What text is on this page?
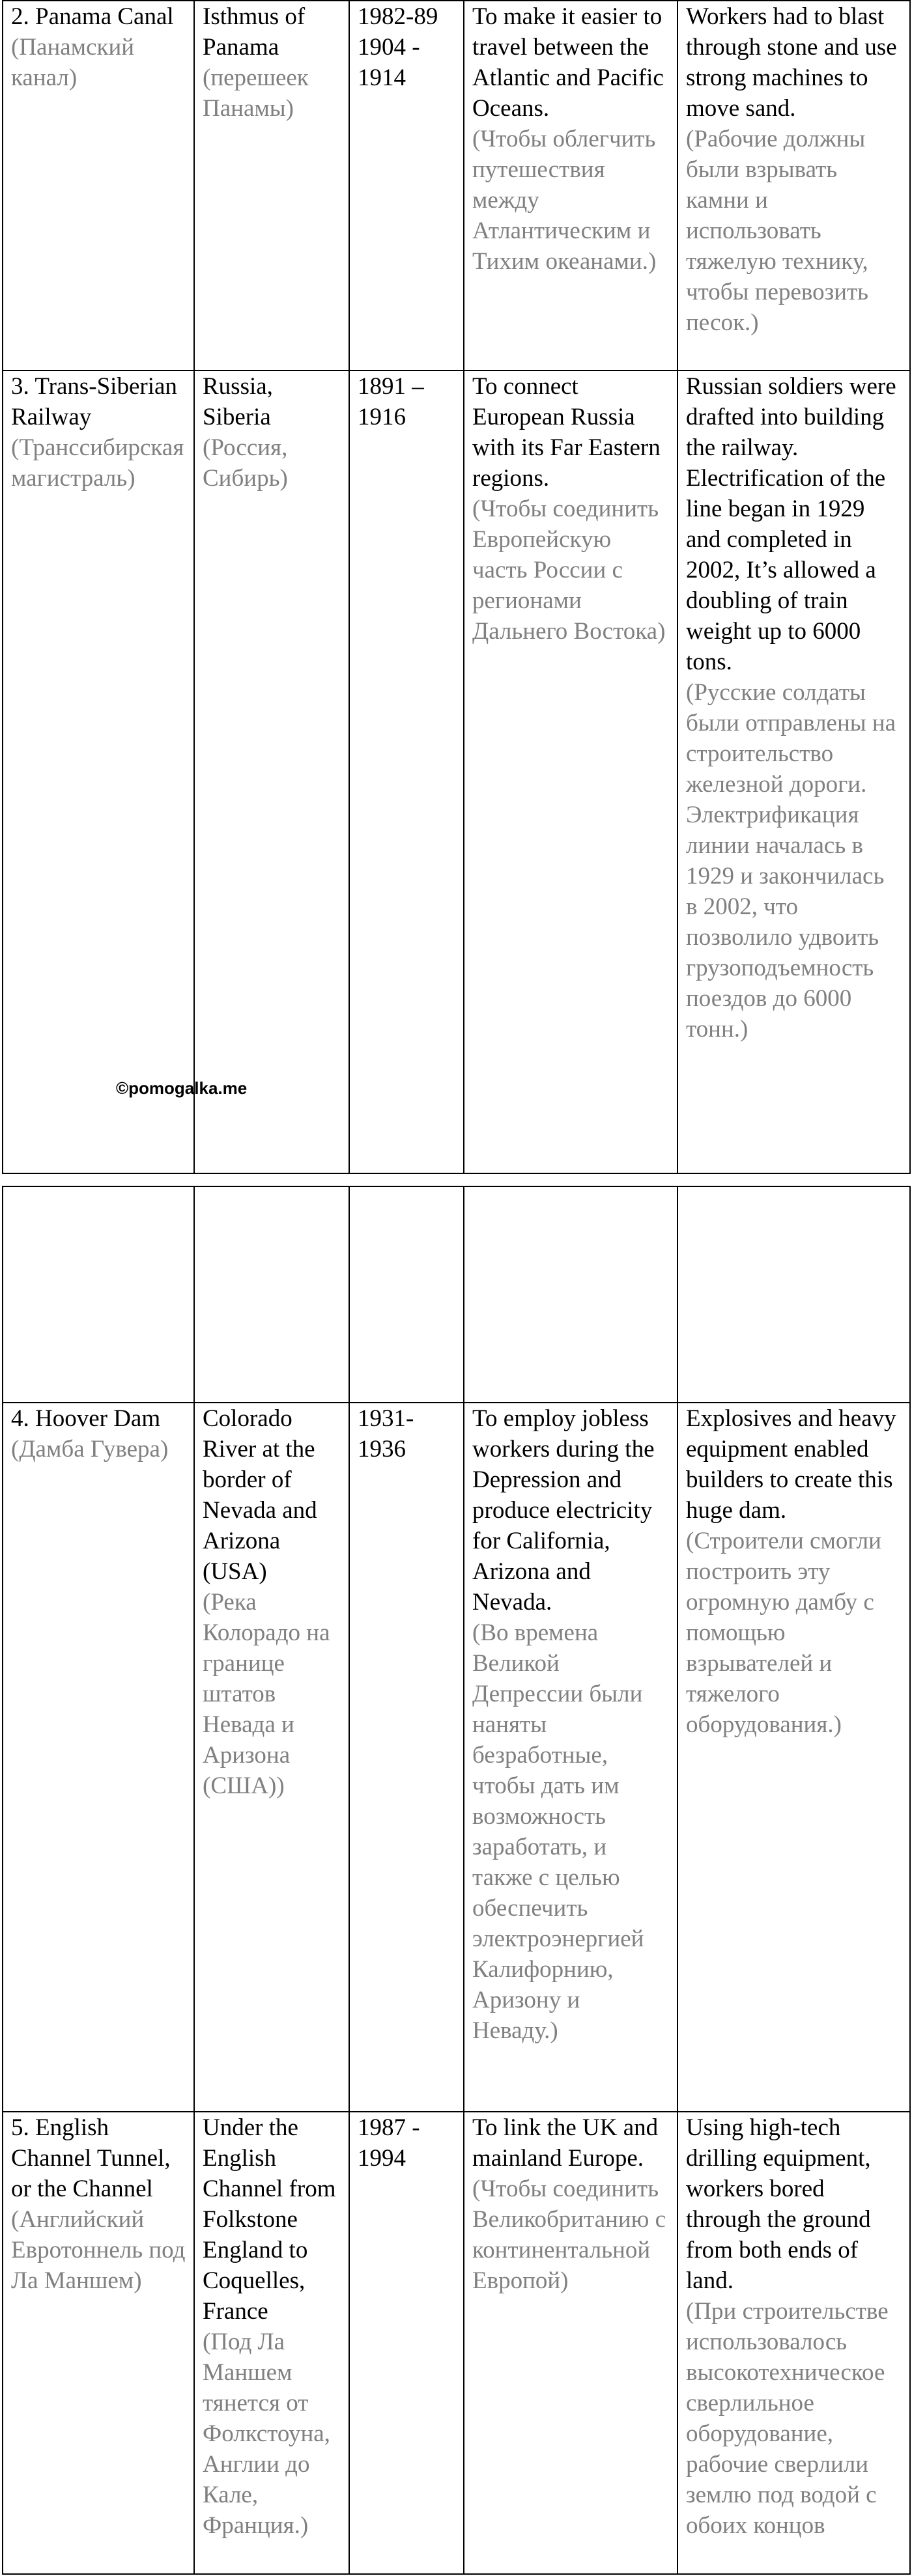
2. Panama Canal
(Панамский канал)	Isthmus of Panama
(перешеек Панамы)	1982-89 1904 - 1914	To make it easier to travel between the Atlantic and Pacific Oceans.
(Чтобы облегчить путешествия между Атлантическим и Тихим океанами.)	Workers had to blast through stone and use strong machines to move sand.
(Рабочие должны были взрывать камни и использовать тяжелую технику, чтобы перевозить песок.)

3. Trans-Siberian Railway
(Транссибирская магистраль)	Russia, Siberia
(Россия, Сибирь)	1891 – 1916	To connect European Russia with its Far Eastern regions.
(Чтобы соединить Европейскую часть России с регионами Дальнего Востока)	Russian soldiers were drafted into building the railway. Electrification of the line began in 1929 and completed in 2002, It’s allowed a doubling of train weight up to 6000 tons.
(Русские солдаты были отправлены на строительство железной дороги. Электрификация линии началась в 1929 и закончилась в 2002, что позволило удвоить грузоподъемность поездов до 6000 тонн.)
©pomogalka.me

4. Hoover Dam
(Дамба Гувера)	Colorado River at the border of Nevada and Arizona (USA)
(Река Колорадо на границе штатов Невада и Аризона (США))	1931-1936	To employ jobless workers during the Depression and produce electricity for California, Arizona and Nevada.
(Во времена Великой Депрессии были наняты безработные, чтобы дать им возможность заработать, и также с целью обеспечить электроэнергией Калифорнию, Аризону и Неваду.)	Explosives and heavy equipment enabled builders to create this huge dam.
(Строители смогли построить эту огромную дамбу с помощью взрывателей и тяжелого оборудования.)

5. English Channel Tunnel, or the Channel
(Английский Евротоннель под Ла Маншем)	Under the English Channel from Folkstone England to Coquelles, France
(Под Ла Маншем тянется от Фолкстоуна, Англии до Кале, Франция.)	1987 - 1994	To link the UK and mainland Europe.
(Чтобы соединить Великобританию с континентальной Европой)	Using high-tech drilling equipment, workers bored through the ground from both ends of land.
(При строительстве использовалось высокотехническое сверлильное оборудование, рабочие сверлили землю под водой с обоих концов
